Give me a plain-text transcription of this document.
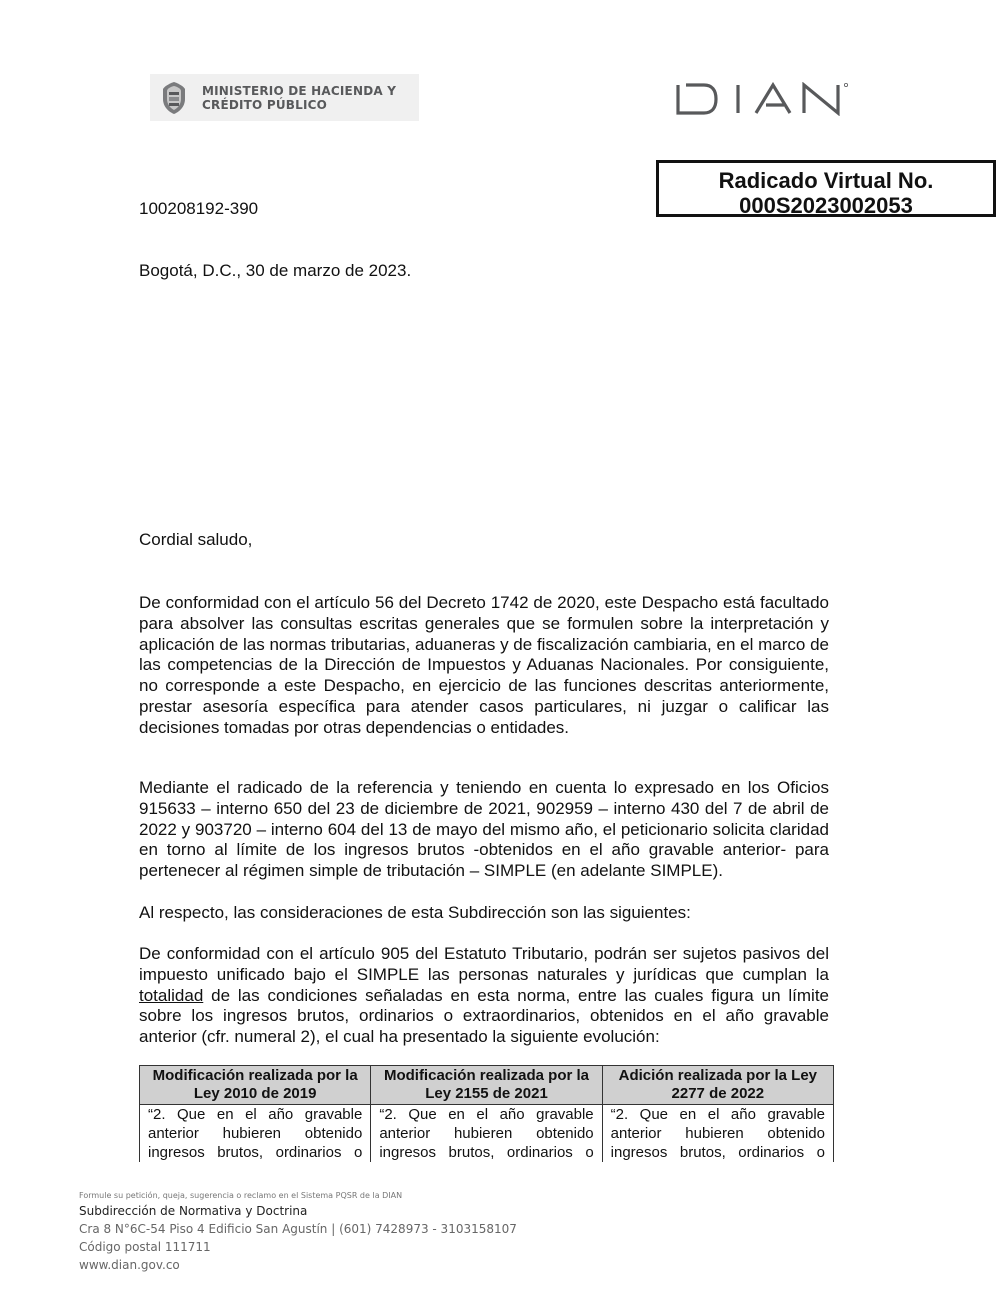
MINISTERIO DE HACIENDA Y
CRÉDITO PÚBLICO
Radicado Virtual No.
000S2023002053
100208192-390
Bogotá, D.C., 30 de marzo de 2023.
Cordial saludo,
De conformidad con el artículo 56 del Decreto 1742 de 2020, este Despacho está facultado para absolver las consultas escritas generales que se formulen sobre la interpretación y aplicación de las normas tributarias, aduaneras y de fiscalización cambiaria, en el marco de las competencias de la Dirección de Impuestos y Aduanas Nacionales. Por consiguiente, no corresponde a este Despacho, en ejercicio de las funciones descritas anteriormente, prestar asesoría específica para atender casos particulares, ni juzgar o calificar las decisiones tomadas por otras dependencias o entidades.
Mediante el radicado de la referencia y teniendo en cuenta lo expresado en los Oficios 915633 – interno 650 del 23 de diciembre de 2021, 902959 – interno 430 del 7 de abril de 2022 y 903720 – interno 604 del 13 de mayo del mismo año, el peticionario solicita claridad en torno al límite de los ingresos brutos -obtenidos en el año gravable anterior- para pertenecer al régimen simple de tributación – SIMPLE (en adelante SIMPLE).
Al respecto, las consideraciones de esta Subdirección son las siguientes:
De conformidad con el artículo 905 del Estatuto Tributario, podrán ser sujetos pasivos del impuesto unificado bajo el SIMPLE las personas naturales y jurídicas que cumplan la totalidad de las condiciones señaladas en esta norma, entre las cuales figura un límite sobre los ingresos brutos, ordinarios o extraordinarios, obtenidos en el año gravable anterior (cfr. numeral 2), el cual ha presentado la siguiente evolución:
Modificación realizada por la Ley 2010 de 2019	Modificación realizada por la Ley 2155 de 2021	Adición realizada por la Ley 2277 de 2022
“2. Que en el año gravable anterior hubieren obtenido ingresos brutos, ordinarios o	“2. Que en el año gravable anterior hubieren obtenido ingresos brutos, ordinarios o	“2. Que en el año gravable anterior hubieren obtenido ingresos brutos, ordinarios o
Formule su petición, queja, sugerencia o reclamo en el Sistema PQSR de la DIAN
Subdirección de Normativa y Doctrina
Cra 8 N°6C-54 Piso 4 Edificio San Agustín | (601) 7428973 - 3103158107
Código postal 111711
www.dian.gov.co
